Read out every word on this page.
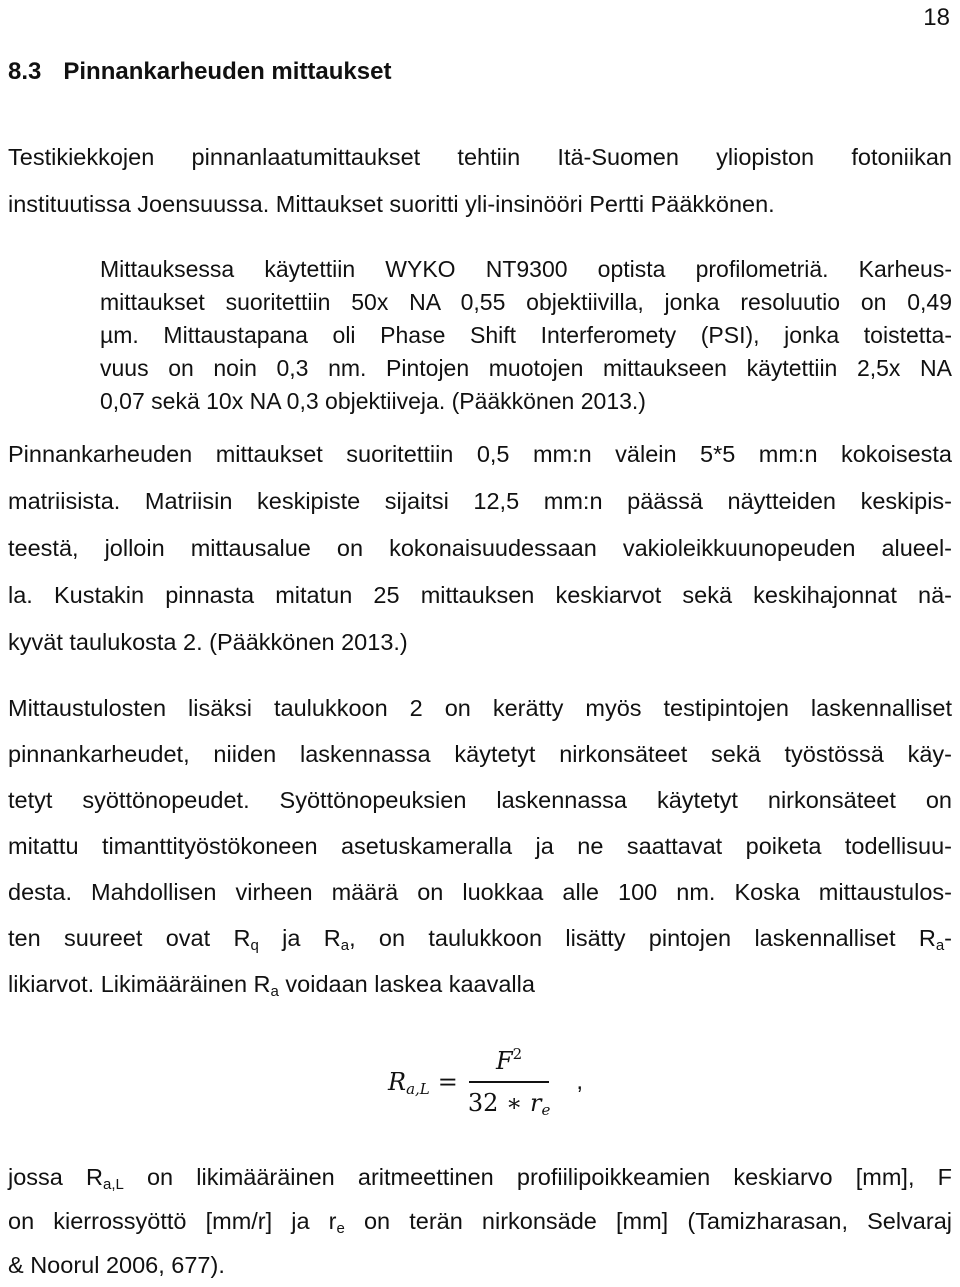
18
8.3 Pinnankarheuden mittaukset

Testikiekkojen pinnanlaatumittaukset tehtiin Itä-Suomen yliopiston fotoniikan
instituutissa Joensuussa. Mittaukset suoritti yli-insinööri Pertti Pääkkönen.

Mittauksessa käytettiin WYKO NT9300 optista profilometriä. Karheus-
mittaukset suoritettiin 50x NA 0,55 objektiivilla, jonka resoluutio on 0,49
µm. Mittaustapana oli Phase Shift Interferomety (PSI), jonka toistetta-
vuus on noin 0,3 nm. Pintojen muotojen mittaukseen käytettiin 2,5x NA
0,07 sekä 10x NA 0,3 objektiiveja. (Pääkkönen 2013.)

Pinnankarheuden mittaukset suoritettiin 0,5 mm:n välein 5*5 mm:n kokoisesta
matriisista. Matriisin keskipiste sijaitsi 12,5 mm:n päässä näytteiden keskipis-
teestä, jolloin mittausalue on kokonaisuudessaan vakioleikkuunopeuden alueel-
la. Kustakin pinnasta mitatun 25 mittauksen keskiarvot sekä keskihajonnat nä-
kyvät taulukosta 2. (Pääkkönen 2013.)

Mittaustulosten lisäksi taulukkoon 2 on kerätty myös testipintojen laskennalliset
pinnankarheudet, niiden laskennassa käytetyt nirkonsäteet sekä työstössä käy-
tetyt syöttönopeudet. Syöttönopeuksien laskennassa käytetyt nirkonsäteet on
mitattu timanttityöstökoneen asetuskameralla ja ne saattavat poiketa todellisuu-
desta. Mahdollisen virheen määrä on luokkaa alle 100 nm. Koska mittaustulos-
ten suureet ovat $R_q$ ja $R_a$, on taulukkoon lisätty pintojen laskennalliset $R_a-$
likiarvot. Likimääräinen $R_a$ voidaan laskea kaavalla

$R_{a,L} = \frac{F^2}{32 ∗ r_e}$ ,

jossa $R_{a,L}$ on likimääräinen aritmeettinen profiilipoikkeamien keskiarvo [mm], F
on kierrossyöttö [mm/r] ja $r_e$ on terän nirkonsäde [mm] (Tamizharasan, Selvaraj
& Noorul 2006, 677).
